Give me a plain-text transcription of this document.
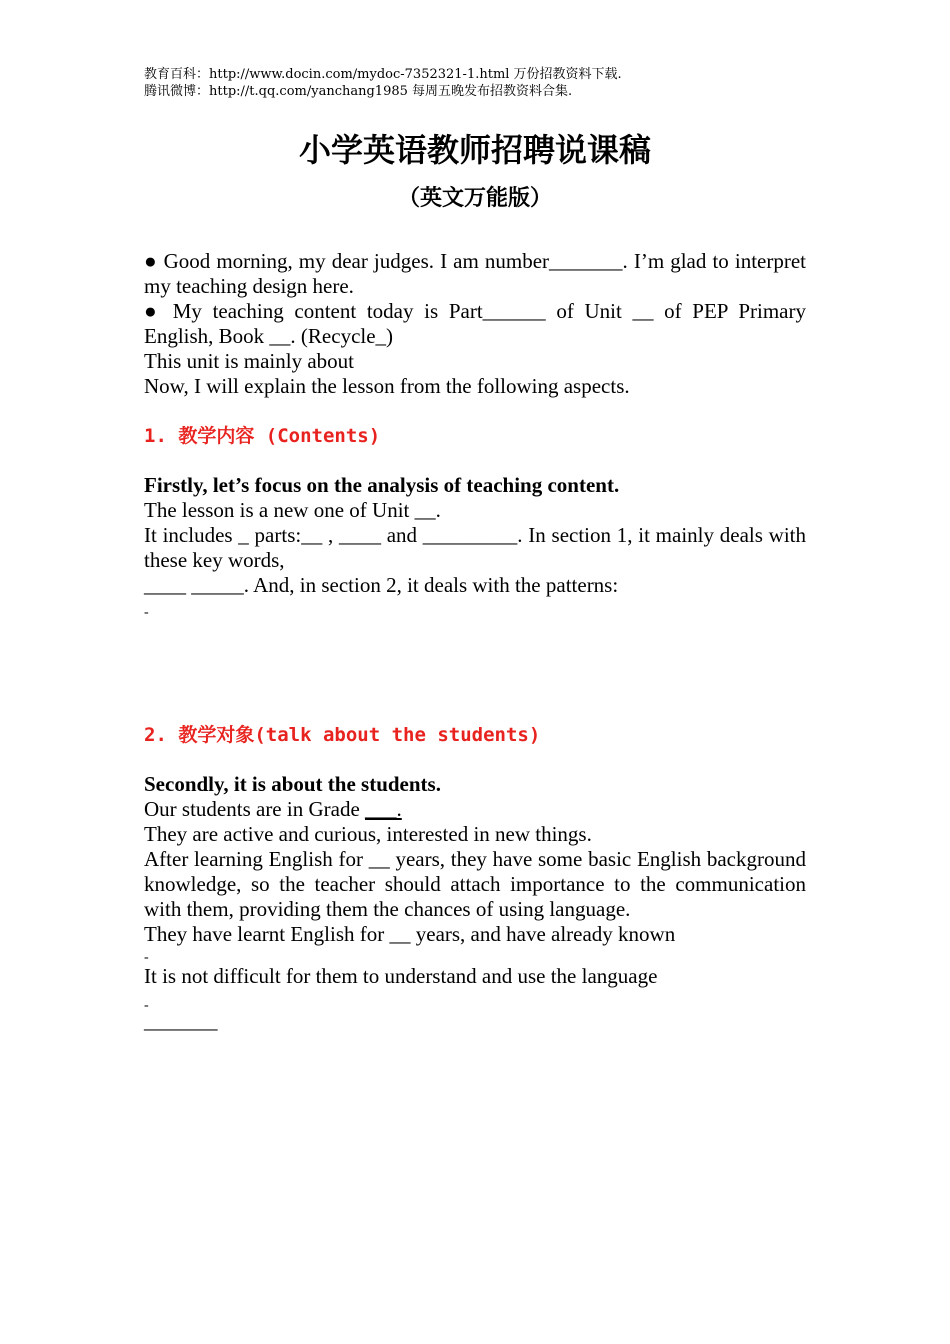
教育百科：http://www.docin.com/mydoc-7352321-1.html 万份招教资料下载.
腾讯微博：http://t.qq.com/yanchang1985 每周五晚发布招教资料合集.
小学英语教师招聘说课稿
（英文万能版）
● Good morning, my dear judges. I am number_______. I’m glad to interpret my teaching design here.
● My teaching content today is Part______ of Unit __ of PEP Primary English, Book __. (Recycle_)
This unit is mainly about
Now, I will explain the lesson from the following aspects.
1. 教学内容 (Contents)
Firstly, let’s focus on the analysis of teaching content.
The lesson is a new one of Unit __.
It includes _ parts:__ , ____ and _________. In section 1, it mainly deals with these key words,
____ _____. And, in section 2, it deals with the patterns:
-
2. 教学对象(talk about the students)
Secondly, it is about the students.
Our students are in Grade ___.
They are active and curious, interested in new things.
After learning English for __ years, they have some basic English background knowledge, so the teacher should attach importance to the communication with them, providing them the chances of using language.
They have learnt English for __ years, and have already known
-
It is not difficult for them to understand and use the language
-
_______
